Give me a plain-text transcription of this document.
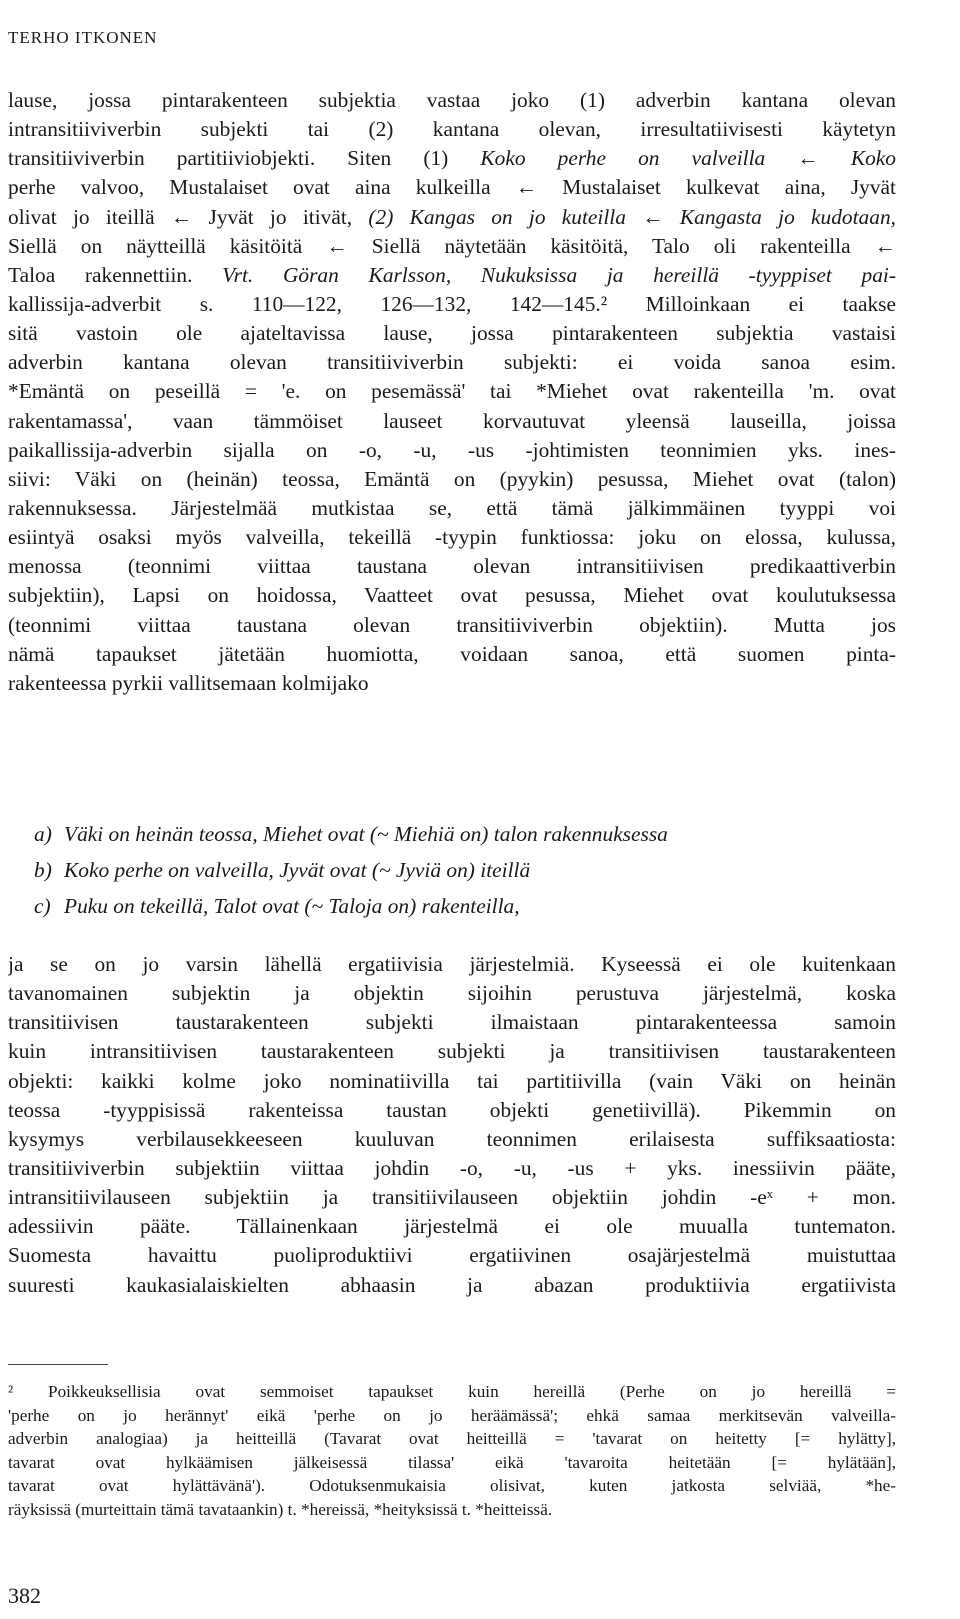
TERHO ITKONEN
lause, jossa pintarakenteen subjektia vastaa joko (1) adverbin kantana olevan
intransitiiviverbin subjekti tai (2) kantana olevan, irresultatiivisesti käytetyn
transitiiviverbin partitiiviobjekti. Siten (1) Koko perhe on valveilla ← Koko
perhe valvoo, Mustalaiset ovat aina kulkeilla ← Mustalaiset kulkevat aina, Jyvät
olivat jo iteillä ← Jyvät jo itivät, (2) Kangas on jo kuteilla ← Kangasta jo kudotaan,
Siellä on näytteillä käsitöitä ← Siellä näytetään käsitöitä, Talo oli rakenteilla ←
Taloa rakennettiin. Vrt. Göran Karlsson, Nukuksissa ja hereillä -tyyppiset pai-
kallissija-adverbit s. 110—122, 126—132, 142—145.² Milloinkaan ei taakse
sitä vastoin ole ajateltavissa lause, jossa pintarakenteen subjektia vastaisi
adverbin kantana olevan transitiiviverbin subjekti: ei voida sanoa esim.
*Emäntä on peseillä = 'e. on pesemässä' tai *Miehet ovat rakenteilla 'm. ovat
rakentamassa', vaan tämmöiset lauseet korvautuvat yleensä lauseilla, joissa
paikallissija-adverbin sijalla on -o, -u, -us -johtimisten teonnimien yks. ines-
siivi: Väki on (heinän) teossa, Emäntä on (pyykin) pesussa, Miehet ovat (talon)
rakennuksessa. Järjestelmää mutkistaa se, että tämä jälkimmäinen tyyppi voi
esiintyä osaksi myös valveilla, tekeillä -tyypin funktiossa: joku on elossa, kulussa,
menossa (teonnimi viittaa taustana olevan intransitiivisen predikaattiverbin
subjektiin), Lapsi on hoidossa, Vaatteet ovat pesussa, Miehet ovat koulutuksessa
(teonnimi viittaa taustana olevan transitiiviverbin objektiin). Mutta jos
nämä tapaukset jätetään huomiotta, voidaan sanoa, että suomen pinta-
rakenteessa pyrkii vallitsemaan kolmijako
a) Väki on heinän teossa, Miehet ovat (~ Miehiä on) talon rakennuksessa
b) Koko perhe on valveilla, Jyvät ovat (~ Jyviä on) iteillä
c) Puku on tekeillä, Talot ovat (~ Taloja on) rakenteilla,
ja se on jo varsin lähellä ergatiivisia järjestelmiä. Kyseessä ei ole kuitenkaan
tavanomainen subjektin ja objektin sijoihin perustuva järjestelmä, koska
transitiivisen taustarakenteen subjekti ilmaistaan pintarakenteessa samoin
kuin intransitiivisen taustarakenteen subjekti ja transitiivisen taustarakenteen
objekti: kaikki kolme joko nominatiivilla tai partitiivilla (vain Väki on heinän
teossa -tyyppisissä rakenteissa taustan objekti genetiivillä). Pikemmin on
kysymys verbilausekkeeseen kuuluvan teonnimen erilaisesta suffiksaatiosta:
transitiiviverbin subjektiin viittaa johdin -o, -u, -us + yks. inessiivin pääte,
intransitiivilauseen subjektiin ja transitiivilauseen objektiin johdin -eˣ + mon.
adessiivin pääte. Tällainenkaan järjestelmä ei ole muualla tuntematon.
Suomesta havaittu puoliproduktiivi ergatiivinen osajärjestelmä muistuttaa
suuresti kaukasialaiskielten abhaasin ja abazan produktiivia ergatiivista
² Poikkeuksellisia ovat semmoiset tapaukset kuin hereillä (Perhe on jo hereillä =
'perhe on jo herännyt' eikä 'perhe on jo heräämässä'; ehkä samaa merkitsevän valveilla-
adverbin analogiaa) ja heitteillä (Tavarat ovat heitteillä = 'tavarat on heitetty [= hylätty],
tavarat ovat hylkäämisen jälkeisessä tilassa' eikä 'tavaroita heitetään [= hylätään],
tavarat ovat hylättävänä'). Odotuksenmukaisia olisivat, kuten jatkosta selviää, *he-
räyksissä (murteittain tämä tavataankin) t. *hereissä, *heityksissä t. *heitteissä.
382
